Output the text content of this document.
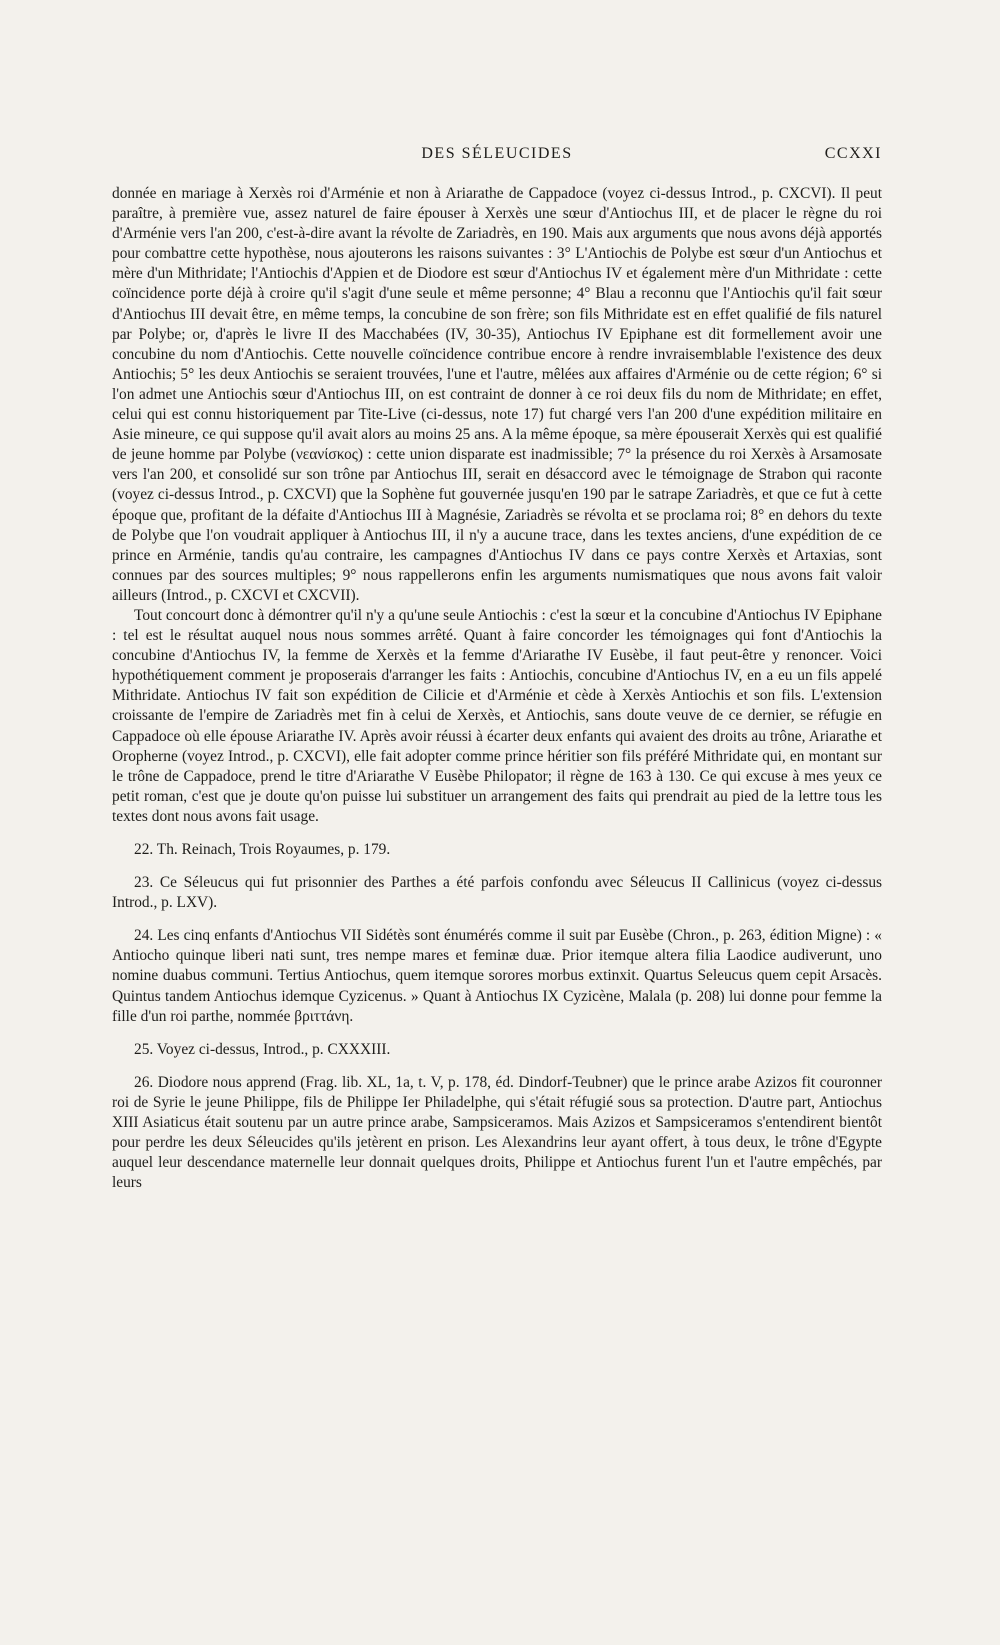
DES SÉLEUCIDES	CCXXI

donnée en mariage à Xerxès roi d'Arménie et non à Ariarathe de Cappadoce (voyez ci-dessus Introd., p. CXCVI). Il peut paraître, à première vue, assez naturel de faire épouser à Xerxès une sœur d'Antiochus III, et de placer le règne du roi d'Arménie vers l'an 200, c'est-à-dire avant la révolte de Zariadrès, en 190. Mais aux arguments que nous avons déjà apportés pour combattre cette hypothèse, nous ajouterons les raisons suivantes : 3° L'Antiochis de Polybe est sœur d'un Antiochus et mère d'un Mithridate; l'Antiochis d'Appien et de Diodore est sœur d'Antiochus IV et également mère d'un Mithridate : cette coïncidence porte déjà à croire qu'il s'agit d'une seule et même personne; 4° Blau a reconnu que l'Antiochis qu'il fait sœur d'Antiochus III devait être, en même temps, la concubine de son frère; son fils Mithridate est en effet qualifié de fils naturel par Polybe; or, d'après le livre II des Macchabées (IV, 30-35), Antiochus IV Epiphane est dit formellement avoir une concubine du nom d'Antiochis. Cette nouvelle coïncidence contribue encore à rendre invraisemblable l'existence des deux Antiochis; 5° les deux Antiochis se seraient trouvées, l'une et l'autre, mêlées aux affaires d'Arménie ou de cette région; 6° si l'on admet une Antiochis sœur d'Antiochus III, on est contraint de donner à ce roi deux fils du nom de Mithridate; en effet, celui qui est connu historiquement par Tite-Live (ci-dessus, note 17) fut chargé vers l'an 200 d'une expédition militaire en Asie mineure, ce qui suppose qu'il avait alors au moins 25 ans. A la même époque, sa mère épouserait Xerxès qui est qualifié de jeune homme par Polybe (νεανίσκος) : cette union disparate est inadmissible; 7° la présence du roi Xerxès à Arsamosate vers l'an 200, et consolidé sur son trône par Antiochus III, serait en désaccord avec le témoignage de Strabon qui raconte (voyez ci-dessus Introd., p. CXCVI) que la Sophène fut gouvernée jusqu'en 190 par le satrape Zariadrès, et que ce fut à cette époque que, profitant de la défaite d'Antiochus III à Magnésie, Zariadrès se révolta et se proclama roi; 8° en dehors du texte de Polybe que l'on voudrait appliquer à Antiochus III, il n'y a aucune trace, dans les textes anciens, d'une expédition de ce prince en Arménie, tandis qu'au contraire, les campagnes d'Antiochus IV dans ce pays contre Xerxès et Artaxias, sont connues par des sources multiples; 9° nous rappellerons enfin les arguments numismatiques que nous avons fait valoir ailleurs (Introd., p. CXCVI et CXCVII).

Tout concourt donc à démontrer qu'il n'y a qu'une seule Antiochis : c'est la sœur et la concubine d'Antiochus IV Epiphane : tel est le résultat auquel nous nous sommes arrêté. Quant à faire concorder les témoignages qui font d'Antiochis la concubine d'Antiochus IV, la femme de Xerxès et la femme d'Ariarathe IV Eusèbe, il faut peut-être y renoncer. Voici hypothétiquement comment je proposerais d'arranger les faits : Antiochis, concubine d'Antiochus IV, en a eu un fils appelé Mithridate. Antiochus IV fait son expédition de Cilicie et d'Arménie et cède à Xerxès Antiochis et son fils. L'extension croissante de l'empire de Zariadrès met fin à celui de Xerxès, et Antiochis, sans doute veuve de ce dernier, se réfugie en Cappadoce où elle épouse Ariarathe IV. Après avoir réussi à écarter deux enfants qui avaient des droits au trône, Ariarathe et Oropherne (voyez Introd., p. CXCVI), elle fait adopter comme prince héritier son fils préféré Mithridate qui, en montant sur le trône de Cappadoce, prend le titre d'Ariarathe V Eusèbe Philopator; il règne de 163 à 130. Ce qui excuse à mes yeux ce petit roman, c'est que je doute qu'on puisse lui substituer un arrangement des faits qui prendrait au pied de la lettre tous les textes dont nous avons fait usage.

22. Th. Reinach, Trois Royaumes, p. 179.

23. Ce Séleucus qui fut prisonnier des Parthes a été parfois confondu avec Séleucus II Callinicus (voyez ci-dessus Introd., p. LXV).

24. Les cinq enfants d'Antiochus VII Sidétès sont énumérés comme il suit par Eusèbe (Chron., p. 263, édition Migne) : « Antiocho quinque liberi nati sunt, tres nempe mares et feminæ duæ. Prior itemque altera filia Laodice audiverunt, uno nomine duabus communi. Tertius Antiochus, quem itemque sorores morbus extinxit. Quartus Seleucus quem cepit Arsacès. Quintus tandem Antiochus idemque Cyzicenus. » Quant à Antiochus IX Cyzicène, Malala (p. 208) lui donne pour femme la fille d'un roi parthe, nommée βριττάνη.

25. Voyez ci-dessus, Introd., p. CXXXIII.

26. Diodore nous apprend (Frag. lib. XL, 1a, t. V, p. 178, éd. Dindorf-Teubner) que le prince arabe Azizos fit couronner roi de Syrie le jeune Philippe, fils de Philippe Ier Philadelphe, qui s'était réfugié sous sa protection. D'autre part, Antiochus XIII Asiaticus était soutenu par un autre prince arabe, Sampsiceramos. Mais Azizos et Sampsiceramos s'entendirent bientôt pour perdre les deux Séleucides qu'ils jetèrent en prison. Les Alexandrins leur ayant offert, à tous deux, le trône d'Egypte auquel leur descendance maternelle leur donnait quelques droits, Philippe et Antiochus furent l'un et l'autre empêchés, par leurs
